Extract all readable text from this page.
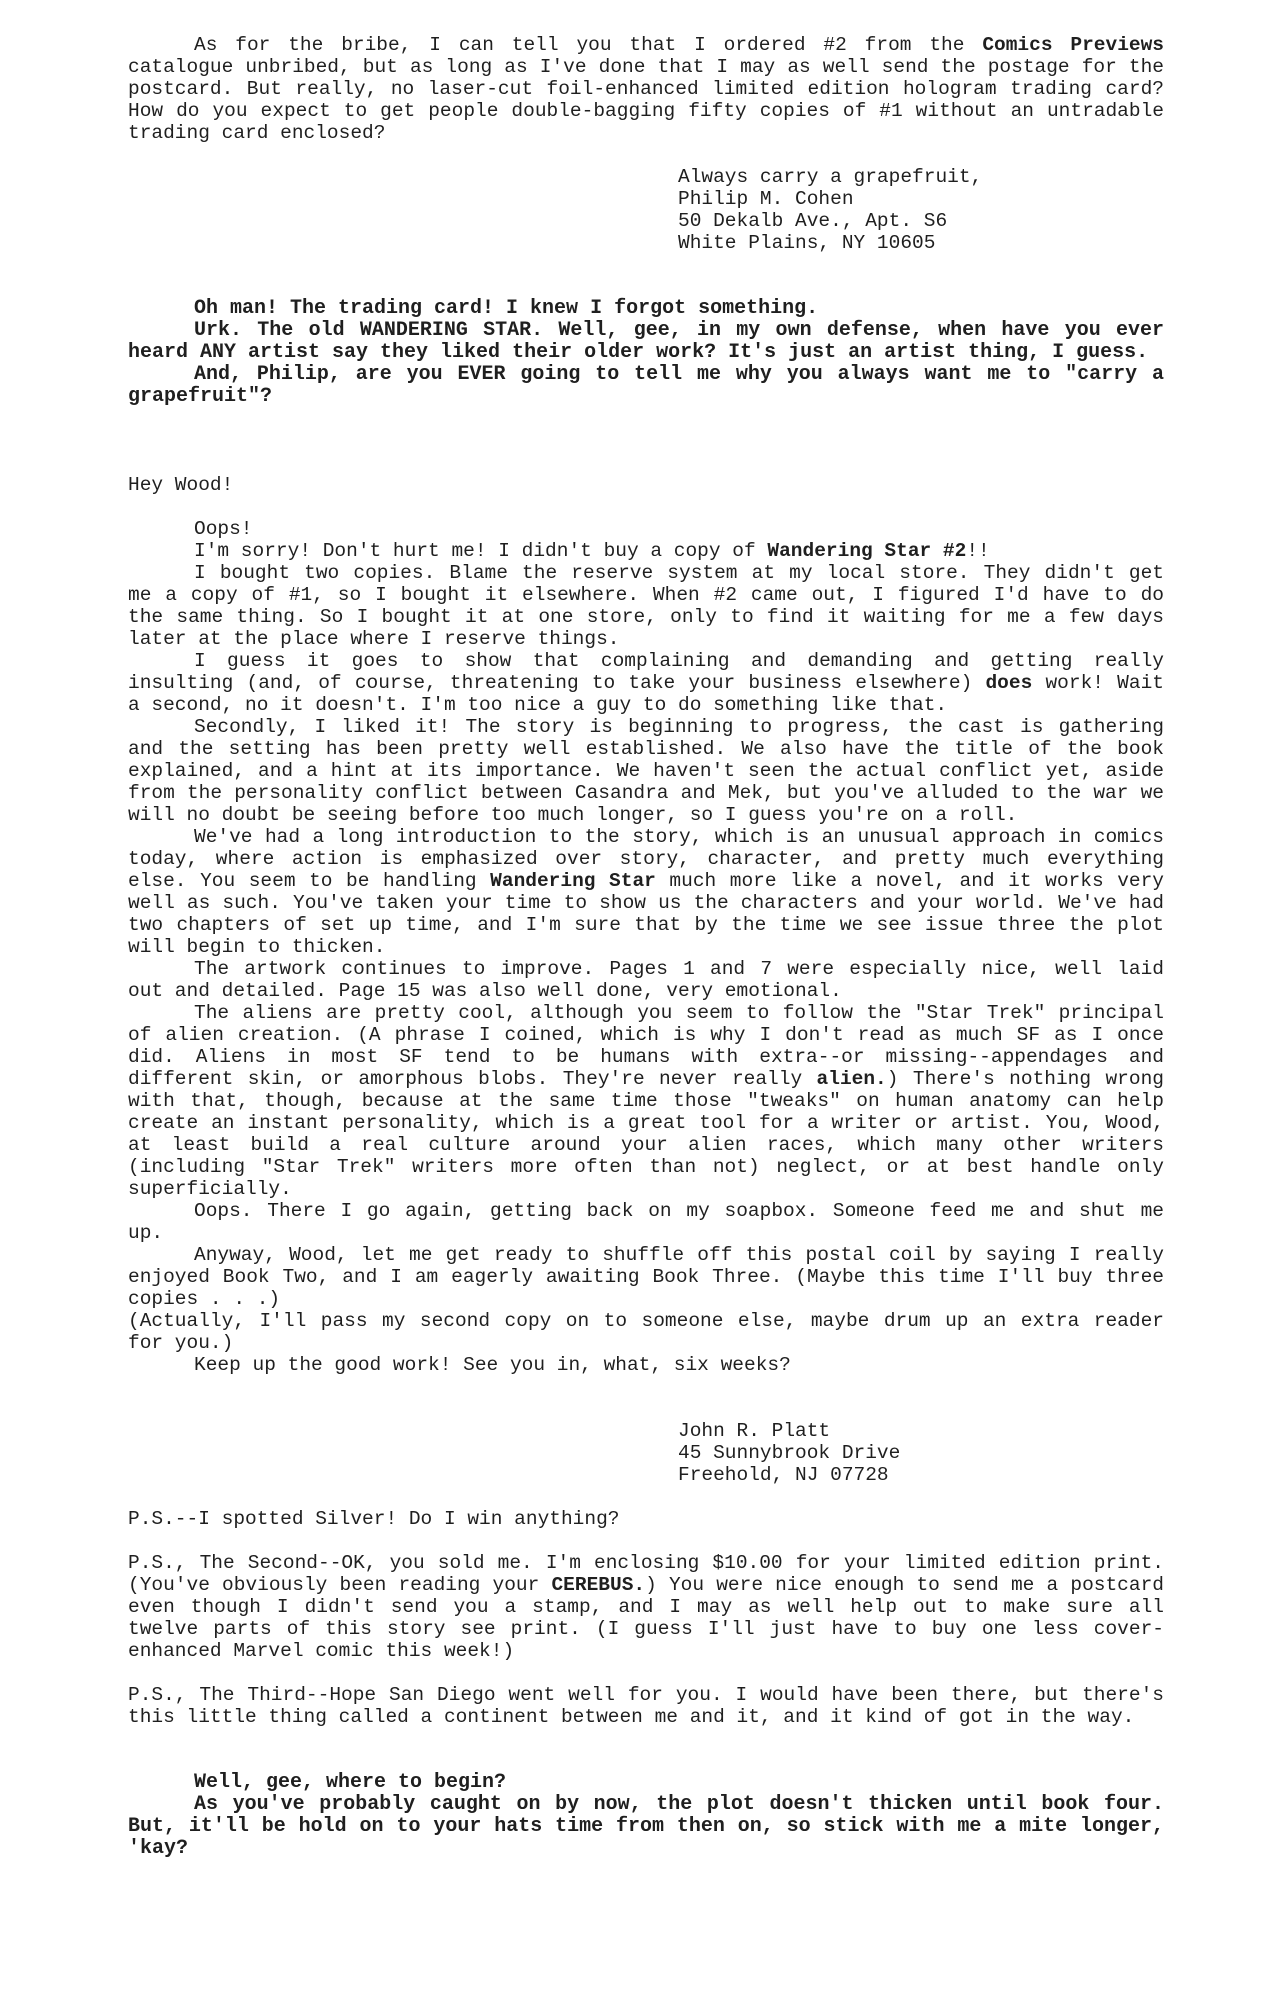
As for the bribe, I can tell you that I ordered #2 from the Comics Previews catalogue unbribed, but as long as I've done that I may as well send the postage for the postcard. But really, no laser-cut foil-enhanced limited edition hologram trading card? How do you expect to get people double-bagging fifty copies of #1 without an untradable trading card enclosed?

Always carry a grapefruit,

Philip M. Cohen

50 Dekalb Ave., Apt. S6

White Plains, NY 10605

Oh man! The trading card! I knew I forgot something.

Urk. The old WANDERING STAR. Well, gee, in my own defense, when have you ever heard ANY artist say they liked their older work? It's just an artist thing, I guess.

And, Philip, are you EVER going to tell me why you always want me to "carry a grapefruit"?

Hey Wood!

Oops!

I'm sorry! Don't hurt me! I didn't buy a copy of Wandering Star #2!!

I bought two copies. Blame the reserve system at my local store. They didn't get me a copy of #1, so I bought it elsewhere. When #2 came out, I figured I'd have to do the same thing. So I bought it at one store, only to find it waiting for me a few days later at the place where I reserve things.

I guess it goes to show that complaining and demanding and getting really insulting (and, of course, threatening to take your business elsewhere) does work! Wait a second, no it doesn't. I'm too nice a guy to do something like that.

Secondly, I liked it! The story is beginning to progress, the cast is gathering and the setting has been pretty well established. We also have the title of the book explained, and a hint at its importance. We haven't seen the actual conflict yet, aside from the personality conflict between Casandra and Mek, but you've alluded to the war we will no doubt be seeing before too much longer, so I guess you're on a roll.

We've had a long introduction to the story, which is an unusual approach in comics today, where action is emphasized over story, character, and pretty much everything else. You seem to be handling Wandering Star much more like a novel, and it works very well as such. You've taken your time to show us the characters and your world. We've had two chapters of set up time, and I'm sure that by the time we see issue three the plot will begin to thicken.

The artwork continues to improve. Pages 1 and 7 were especially nice, well laid out and detailed. Page 15 was also well done, very emotional.

The aliens are pretty cool, although you seem to follow the "Star Trek" principal of alien creation. (A phrase I coined, which is why I don't read as much SF as I once did. Aliens in most SF tend to be humans with extra--or missing--appendages and different skin, or amorphous blobs. They're never really alien.) There's nothing wrong with that, though, because at the same time those "tweaks" on human anatomy can help create an instant personality, which is a great tool for a writer or artist. You, Wood, at least build a real culture around your alien races, which many other writers (including "Star Trek" writers more often than not) neglect, or at best handle only superficially.

Oops. There I go again, getting back on my soapbox. Someone feed me and shut me up.

Anyway, Wood, let me get ready to shuffle off this postal coil by saying I really enjoyed Book Two, and I am eagerly awaiting Book Three. (Maybe this time I'll buy three copies . . .)

(Actually, I'll pass my second copy on to someone else, maybe drum up an extra reader for you.)

Keep up the good work! See you in, what, six weeks?

John R. Platt

45 Sunnybrook Drive

Freehold, NJ 07728

P.S.--I spotted Silver! Do I win anything?

P.S., The Second--OK, you sold me. I'm enclosing $10.00 for your limited edition print. (You've obviously been reading your CEREBUS.) You were nice enough to send me a postcard even though I didn't send you a stamp, and I may as well help out to make sure all twelve parts of this story see print. (I guess I'll just have to buy one less cover-enhanced Marvel comic this week!)

P.S., The Third--Hope San Diego went well for you. I would have been there, but there's this little thing called a continent between me and it, and it kind of got in the way.

Well, gee, where to begin?

As you've probably caught on by now, the plot doesn't thicken until book four. But, it'll be hold on to your hats time from then on, so stick with me a mite longer, 'kay?
